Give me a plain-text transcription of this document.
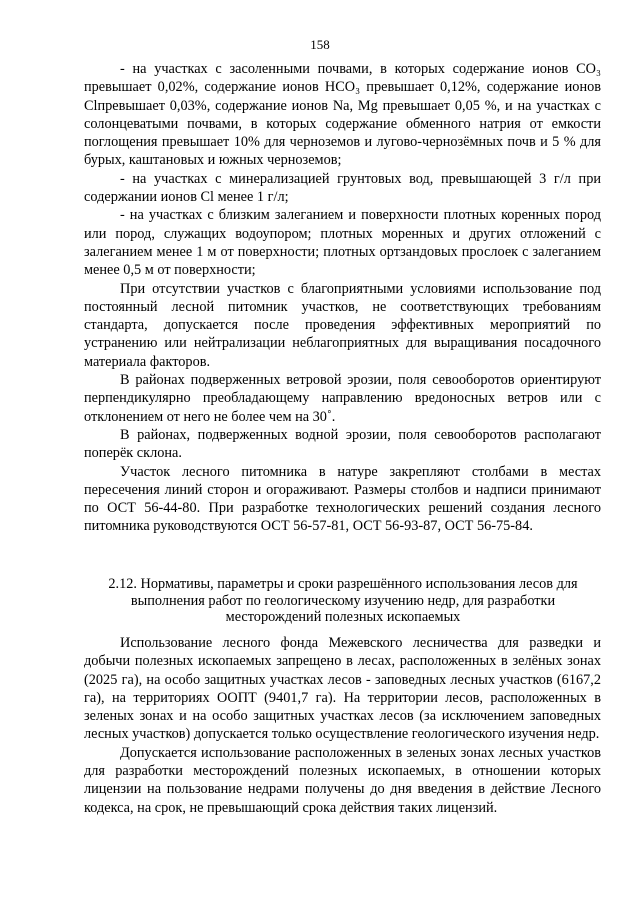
158

- на участках с засоленными почвами, в которых содержание ионов CO₃ превышает 0,02%, содержание ионов HCO₃ превышает 0,12%, содержание ионов Clпревышает 0,03%, содержание ионов Na, Mg превышает 0,05 %, и на участках с солонцеватыми почвами, в которых содержание обменного натрия от емкости поглощения превышает 10% для черноземов и лугово-чернозёмных почв и 5 % для бурых, каштановых и южных черноземов;

- на участках с минерализацией грунтовых вод, превышающей 3 г/л при содержании ионов Cl менее 1 г/л;

- на участках с близким залеганием и поверхности плотных коренных пород или пород, служащих водоупором; плотных моренных и других отложений с залеганием менее 1 м от поверхности; плотных ортзандовых прослоек с залеганием менее 0,5 м от поверхности;

При отсутствии участков с благоприятными условиями использование под постоянный лесной питомник участков, не соответствующих требованиям стандарта, допускается после проведения эффективных мероприятий по устранению или нейтрализации неблагоприятных для выращивания посадочного материала факторов.

В районах подверженных ветровой эрозии, поля севооборотов ориентируют перпендикулярно преобладающему направлению вредоносных ветров или с отклонением от него не более чем на 30˚.

В районах, подверженных водной эрозии, поля севооборотов располагают поперёк склона.

Участок лесного питомника в натуре закрепляют столбами в местах пересечения линий сторон и огораживают. Размеры столбов и надписи принимают по ОСТ 56-44-80. При разработке технологических решений создания лесного питомника руководствуются ОСТ 56-57-81, ОСТ 56-93-87, ОСТ 56-75-84.

2.12. Нормативы, параметры и сроки разрешённого использования лесов для
выполнения работ по геологическому изучению недр, для разработки
месторождений полезных ископаемых

Использование лесного фонда Межевского лесничества для разведки и добычи полезных ископаемых запрещено в лесах, расположенных в зелёных зонах (2025 га), на особо защитных участках лесов - заповедных лесных участков (6167,2 га), на территориях ООПТ (9401,7 га). На территории лесов, расположенных в зеленых зонах и на особо защитных участках лесов (за исключением заповедных лесных участков) допускается только осуществление геологического изучения недр.

Допускается использование расположенных в зеленых зонах лесных участков для разработки месторождений полезных ископаемых, в отношении которых лицензии на пользование недрами получены до дня введения в действие Лесного кодекса, на срок, не превышающий срока действия таких лицензий.
